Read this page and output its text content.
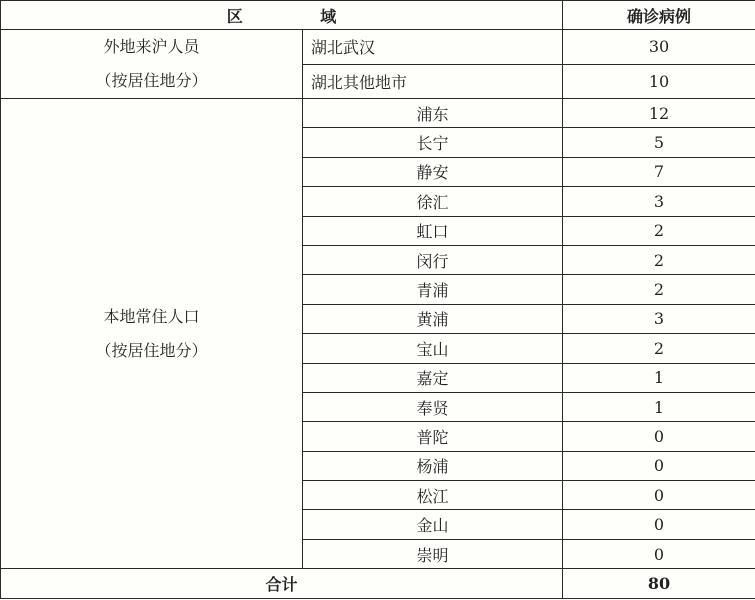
区 域		确诊病例

外地来沪人员
（按居住地分）	湖北武汉	30
	湖北其他地市	10

本地常住人口
（按居住地分）	浦东	12
	长宁	5
	静安	7
	徐汇	3
	虹口	2
	闵行	2
	青浦	2
	黄浦	3
	宝山	2
	嘉定	1
	奉贤	1
	普陀	0
	杨浦	0
	松江	0
	金山	0
	崇明	0
合计		80
